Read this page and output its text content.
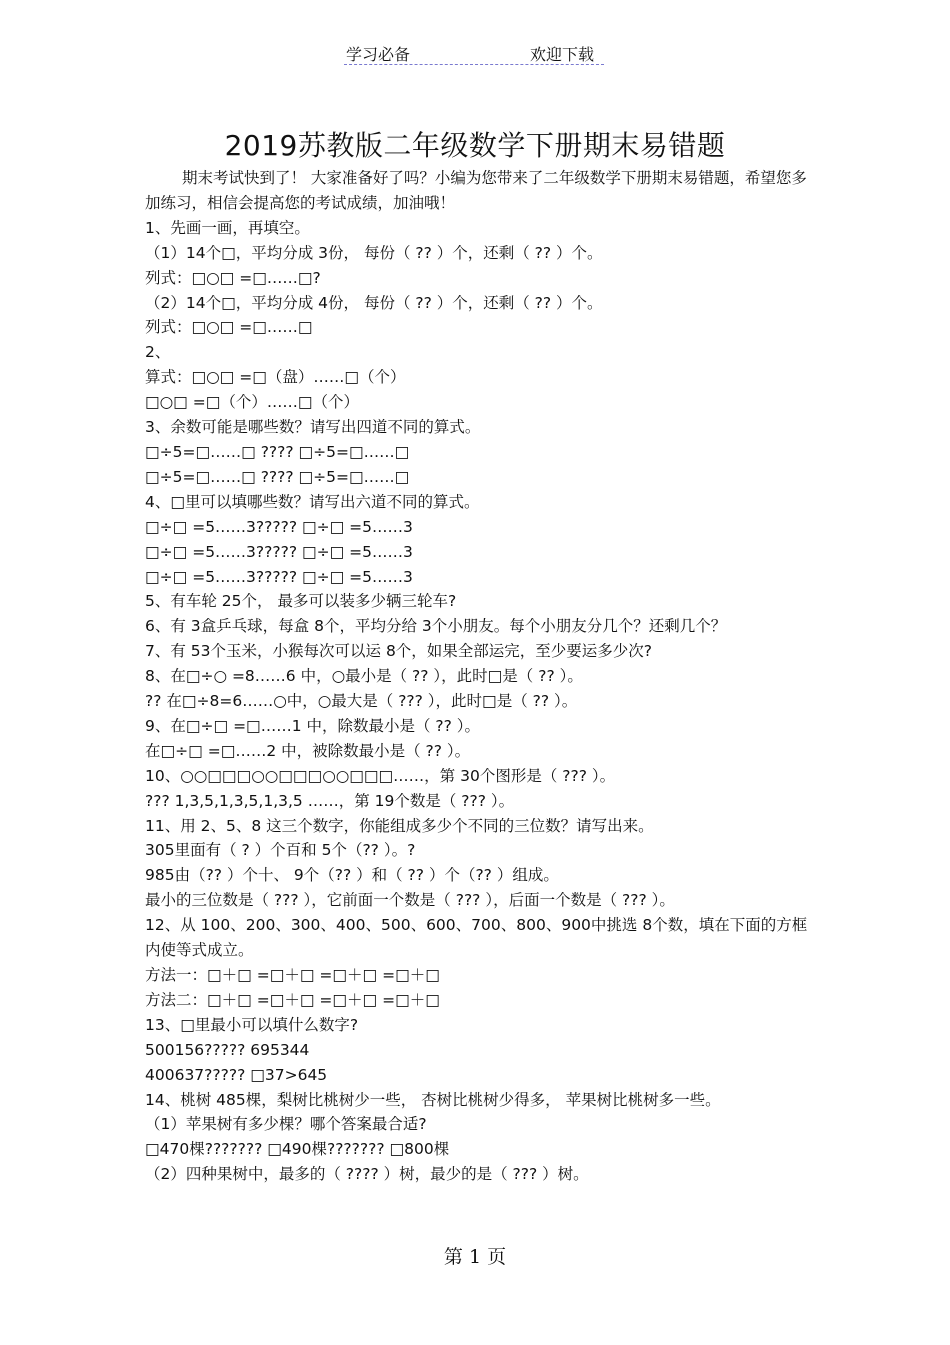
学习必备	欢迎下载
2019苏教版二年级数学下册期末易错题
期末考试快到了！ 大家准备好了吗？小编为您带来了二年级数学下册期末易错题，希望您多加练习，相信会提高您的考试成绩，加油哦！
1、先画一画，再填空。
（1）14个□，平均分成 3份， 每份（ ?? ）个，还剩（ ?? ）个。
列式：□○□ =□……□?
（2）14个□，平均分成 4份， 每份（ ?? ）个，还剩（ ?? ）个。
列式：□○□ =□……□
2、
算式：□○□ =□（盘）……□（个）
□○□ =□（个）……□（个）
3、余数可能是哪些数？请写出四道不同的算式。
□÷5=□……□ ???? □÷5=□……□
□÷5=□……□ ???? □÷5=□……□
4、□里可以填哪些数？请写出六道不同的算式。
□÷□ =5……3????? □÷□ =5……3
□÷□ =5……3????? □÷□ =5……3
□÷□ =5……3????? □÷□ =5……3
5、有车轮 25个， 最多可以装多少辆三轮车?
6、有 3盒乒乓球，每盒 8个，平均分给 3个小朋友。每个小朋友分几个？还剩几个？
7、有 53个玉米，小猴每次可以运 8个，如果全部运完，至少要运多少次?
8、在□÷○ =8……6 中，○最小是（ ?? ），此时□是（ ?? ）。
?? 在□÷8=6……○中，○最大是（ ??? ），此时□是（ ?? ）。
9、在□÷□ =□……1 中，除数最小是（ ?? ）。
在□÷□ =□……2 中，被除数最小是（ ?? ）。
10、○○□□□○○□□□○○□□□……，第 30个图形是（ ??? ）。
??? 1,3,5,1,3,5,1,3,5 ……，第 19个数是（ ??? ）。
11、用 2、5、8 这三个数字，你能组成多少个不同的三位数？请写出来。
305里面有（ ? ）个百和 5个（?? ）。?
985由（?? ）个十、 9个（?? ）和（ ?? ）个（?? ）组成。
最小的三位数是（ ??? ），它前面一个数是（ ??? ），后面一个数是（ ??? ）。
12、从 100、200、300、400、500、600、700、800、900中挑选 8个数，填在下面的方框内使等式成立。
方法一：□＋□ =□＋□ =□＋□ =□＋□
方法二：□＋□ =□＋□ =□＋□ =□＋□
13、□里最小可以填什么数字?
500156????? 695344
400637????? □37>645
14、桃树 485棵，梨树比桃树少一些， 杏树比桃树少得多， 苹果树比桃树多一些。
（1）苹果树有多少棵？哪个答案最合适?
□470棵??????? □490棵??????? □800棵
（2）四种果树中，最多的（ ???? ）树，最少的是（ ??? ）树。
第 1 页
